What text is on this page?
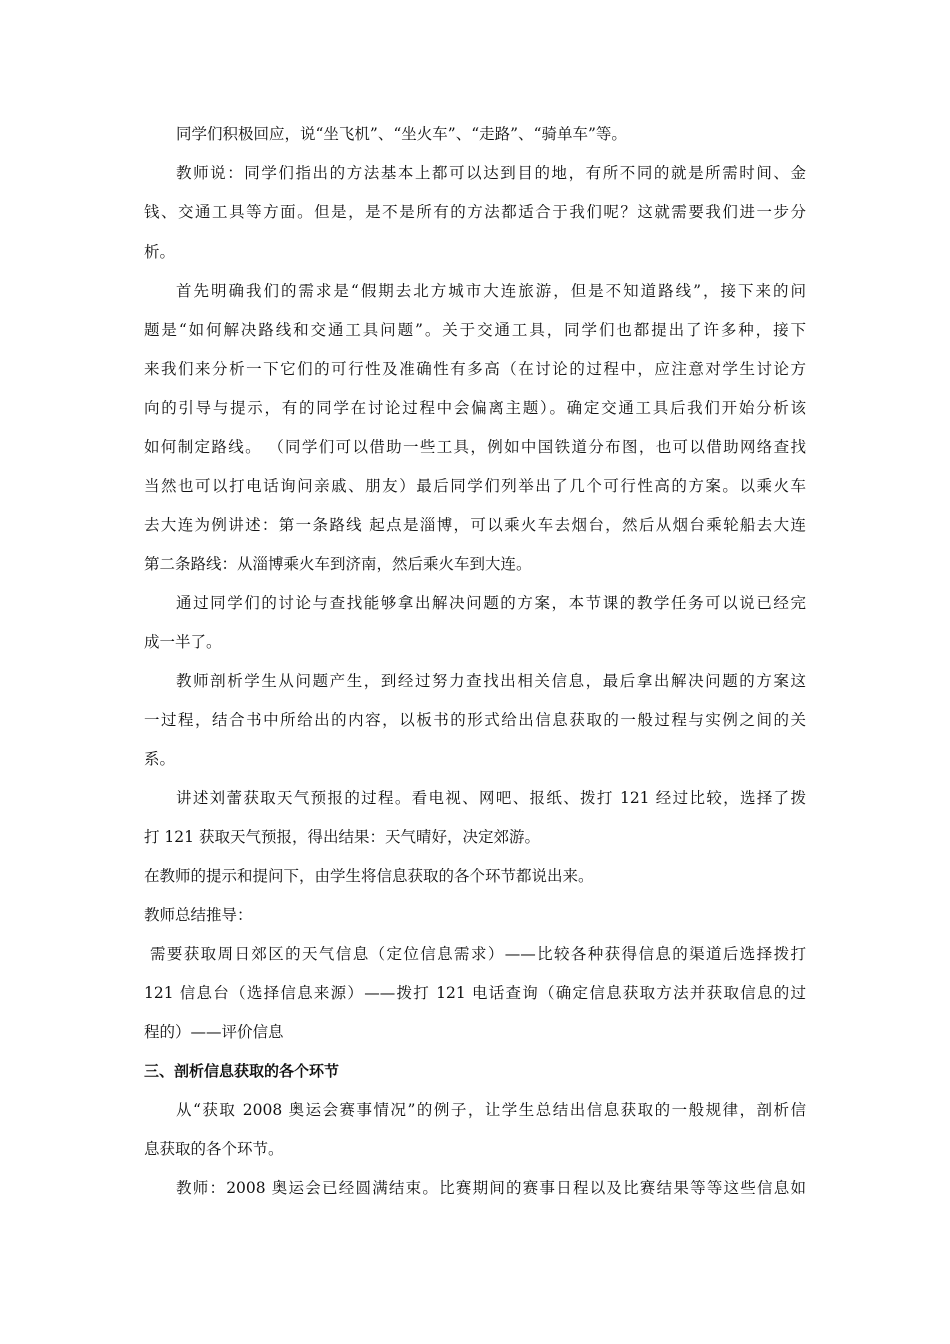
同学们积极回应，说“坐飞机”、“坐火车”、“走路”、“骑单车”等。

教师说：同学们指出的方法基本上都可以达到目的地，有所不同的就是所需时间、金

钱、交通工具等方面。但是，是不是所有的方法都适合于我们呢？这就需要我们进一步分

析。

首先明确我们的需求是“假期去北方城市大连旅游，但是不知道路线”，接下来的问

题是“如何解决路线和交通工具问题”。关于交通工具，同学们也都提出了许多种，接下

来我们来分析一下它们的可行性及准确性有多高（在讨论的过程中，应注意对学生讨论方

向的引导与提示，有的同学在讨论过程中会偏离主题）。确定交通工具后我们开始分析该

如何制定路线。 （同学们可以借助一些工具，例如中国铁道分布图，也可以借助网络查找

当然也可以打电话询问亲戚、朋友）最后同学们列举出了几个可行性高的方案。以乘火车

去大连为例讲述：第一条路线 起点是淄博，可以乘火车去烟台，然后从烟台乘轮船去大连

第二条路线：从淄博乘火车到济南，然后乘火车到大连。

通过同学们的讨论与查找能够拿出解决问题的方案，本节课的教学任务可以说已经完

成一半了。

教师剖析学生从问题产生，到经过努力查找出相关信息，最后拿出解决问题的方案这

一过程，结合书中所给出的内容，以板书的形式给出信息获取的一般过程与实例之间的关

系。

讲述刘蕾获取天气预报的过程。看电视、网吧、报纸、拨打 121 经过比较，选择了拨

打 121 获取天气预报，得出结果：天气晴好，决定郊游。

在教师的提示和提问下，由学生将信息获取的各个环节都说出来。

教师总结推导：

需要获取周日郊区的天气信息（定位信息需求）——比较各种获得信息的渠道后选择拨打

121 信息台（选择信息来源）——拨打 121 电话查询（确定信息获取方法并获取信息的过

程的）——评价信息

三、剖析信息获取的各个环节

从“获取 2008 奥运会赛事情况”的例子，让学生总结出信息获取的一般规律，剖析信

息获取的各个环节。

教师：2008 奥运会已经圆满结束。比赛期间的赛事日程以及比赛结果等等这些信息如
